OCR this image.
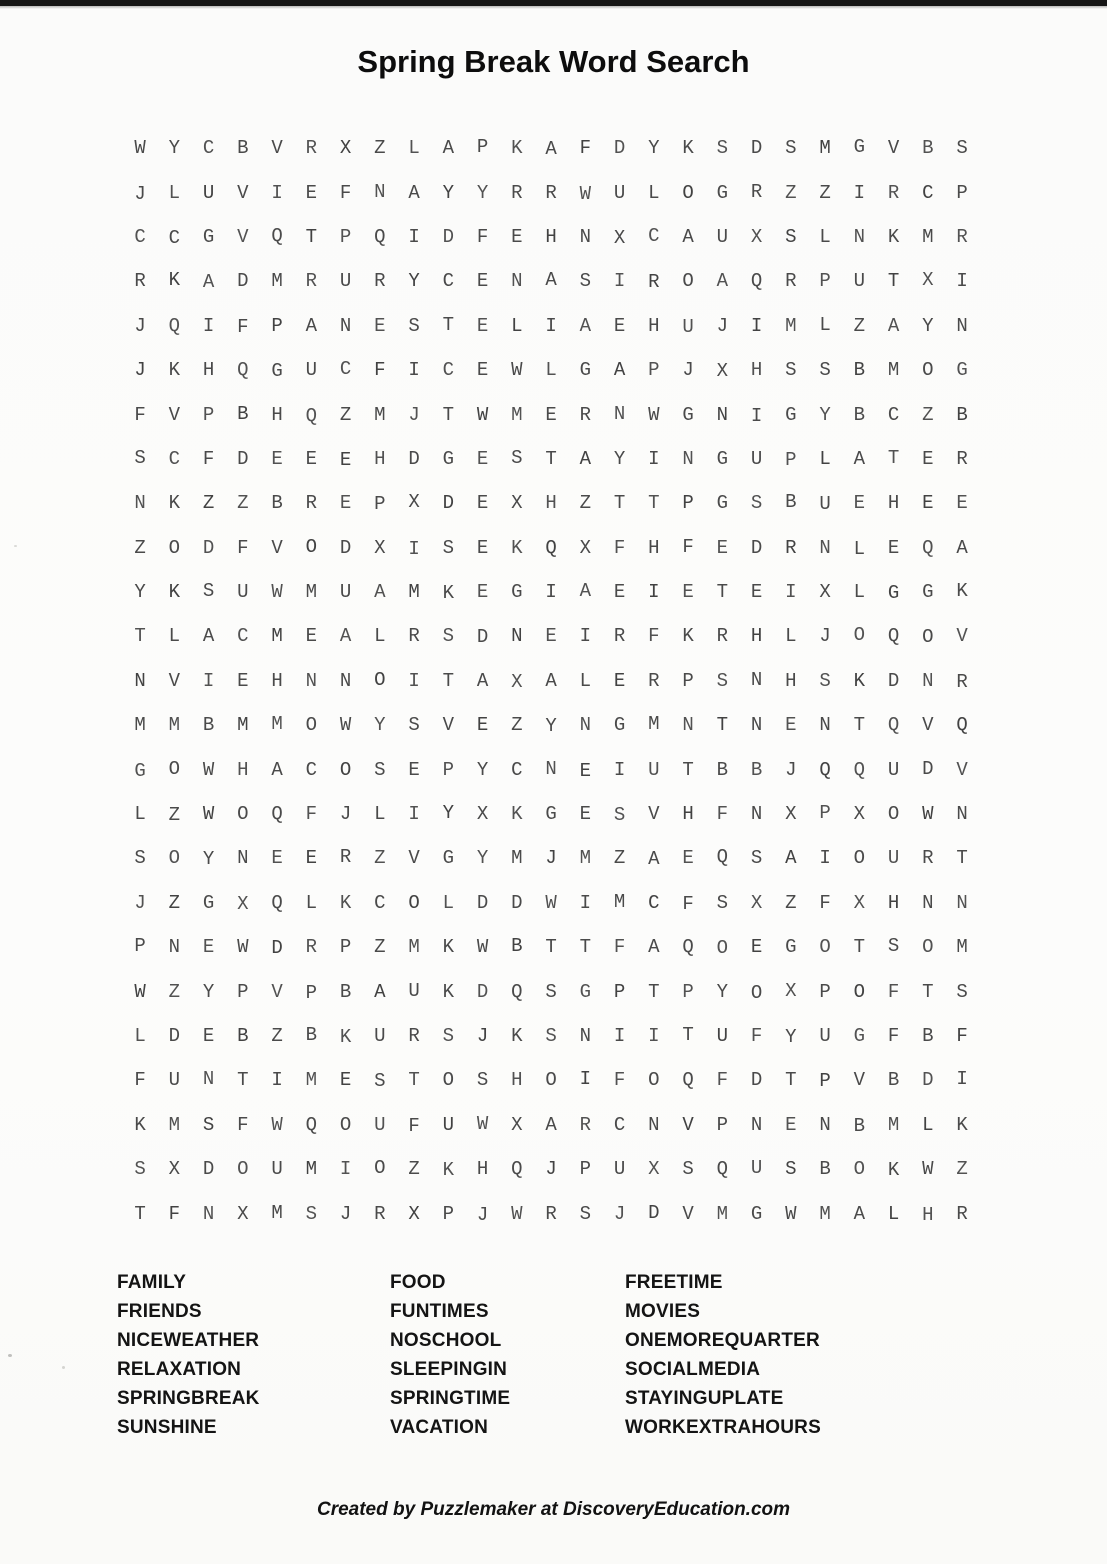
Spring Break Word Search
W	Y	C	B	V	R	X	Z	L	A	P	K	A	F	D	Y	K	S	D	S	M	G	V	B	S
J	L	U	V	I	E	F	N	A	Y	Y	R	R	W	U	L	O	G	R	Z	Z	I	R	C	P
C	C	G	V	Q	T	P	Q	I	D	F	E	H	N	X	C	A	U	X	S	L	N	K	M	R
R	K	A	D	M	R	U	R	Y	C	E	N	A	S	I	R	O	A	Q	R	P	U	T	X	I
J	Q	I	F	P	A	N	E	S	T	E	L	I	A	E	H	U	J	I	M	L	Z	A	Y	N
J	K	H	Q	G	U	C	F	I	C	E	W	L	G	A	P	J	X	H	S	S	B	M	O	G
F	V	P	B	H	Q	Z	M	J	T	W	M	E	R	N	W	G	N	I	G	Y	B	C	Z	B
S	C	F	D	E	E	E	H	D	G	E	S	T	A	Y	I	N	G	U	P	L	A	T	E	R
N	K	Z	Z	B	R	E	P	X	D	E	X	H	Z	T	T	P	G	S	B	U	E	H	E	E
Z	O	D	F	V	O	D	X	I	S	E	K	Q	X	F	H	F	E	D	R	N	L	E	Q	A
Y	K	S	U	W	M	U	A	M	K	E	G	I	A	E	I	E	T	E	I	X	L	G	G	K
T	L	A	C	M	E	A	L	R	S	D	N	E	I	R	F	K	R	H	L	J	O	Q	O	V
N	V	I	E	H	N	N	O	I	T	A	X	A	L	E	R	P	S	N	H	S	K	D	N	R
M	M	B	M	M	O	W	Y	S	V	E	Z	Y	N	G	M	N	T	N	E	N	T	Q	V	Q
G	O	W	H	A	C	O	S	E	P	Y	C	N	E	I	U	T	B	B	J	Q	Q	U	D	V
L	Z	W	O	Q	F	J	L	I	Y	X	K	G	E	S	V	H	F	N	X	P	X	O	W	N
S	O	Y	N	E	E	R	Z	V	G	Y	M	J	M	Z	A	E	Q	S	A	I	O	U	R	T
J	Z	G	X	Q	L	K	C	O	L	D	D	W	I	M	C	F	S	X	Z	F	X	H	N	N
P	N	E	W	D	R	P	Z	M	K	W	B	T	T	F	A	Q	O	E	G	O	T	S	O	M
W	Z	Y	P	V	P	B	A	U	K	D	Q	S	G	P	T	P	Y	O	X	P	O	F	T	S
L	D	E	B	Z	B	K	U	R	S	J	K	S	N	I	I	T	U	F	Y	U	G	F	B	F
F	U	N	T	I	M	E	S	T	O	S	H	O	I	F	O	Q	F	D	T	P	V	B	D	I
K	M	S	F	W	Q	O	U	F	U	W	X	A	R	C	N	V	P	N	E	N	B	M	L	K
S	X	D	O	U	M	I	O	Z	K	H	Q	J	P	U	X	S	Q	U	S	B	O	K	W	Z
T	F	N	X	M	S	J	R	X	P	J	W	R	S	J	D	V	M	G	W	M	A	L	H	R
FAMILY
FRIENDS
NICEWEATHER
RELAXATION
SPRINGBREAK
SUNSHINE
FOOD
FUNTIMES
NOSCHOOL
SLEEPINGIN
SPRINGTIME
VACATION
FREETIME
MOVIES
ONEMOREQUARTER
SOCIALMEDIA
STAYINGUPLATE
WORKEXTRAHOURS
Created by Puzzlemaker at DiscoveryEducation.com
